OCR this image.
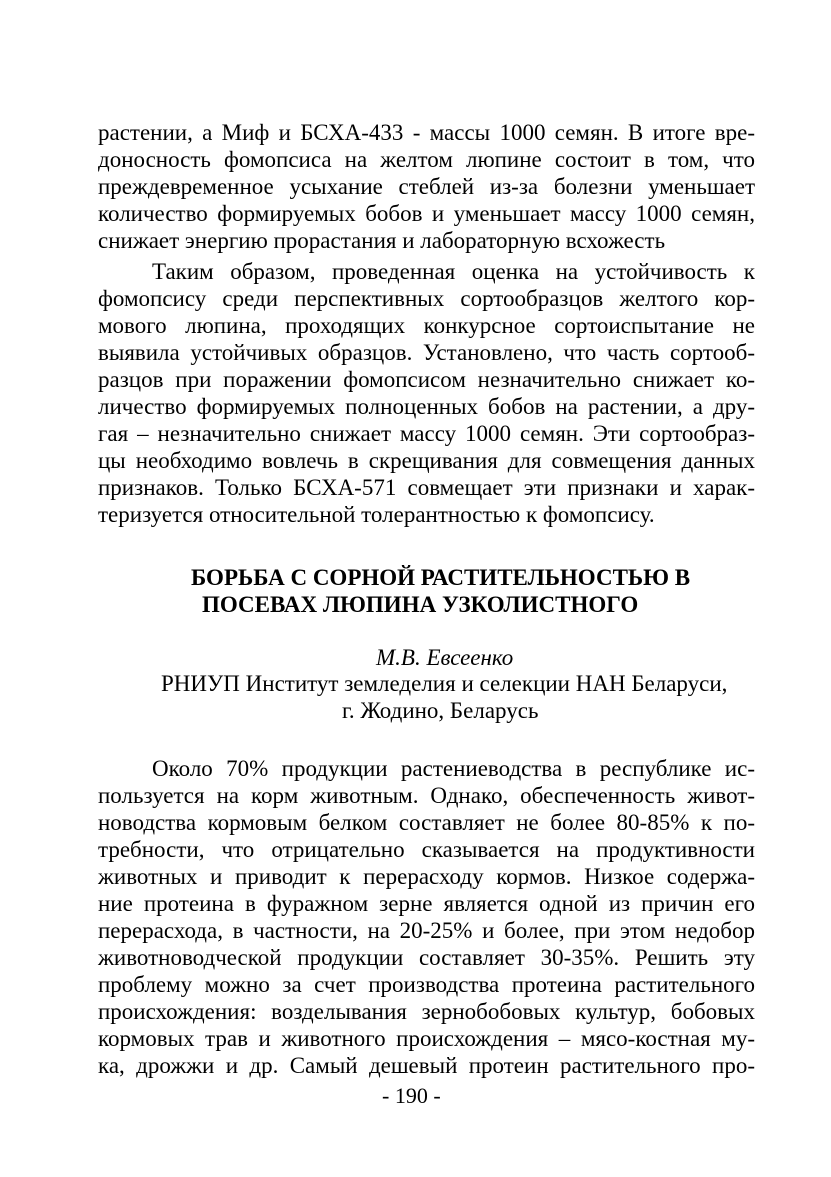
растении, а Миф и БСХА-433 - массы 1000 семян. В итоге вре-
доносность фомопсиса на желтом люпине состоит в том, что
преждевременное усыхание стеблей из-за болезни уменьшает
количество формируемых бобов и уменьшает массу 1000 семян,
снижает энергию прорастания и лабораторную всхожесть
Таким образом, проведенная оценка на устойчивость к
фомопсису среди перспективных сортообразцов желтого кор-
мового люпина, проходящих конкурсное сортоиспытание не
выявила устойчивых образцов. Установлено, что часть сортооб-
разцов при поражении фомопсисом незначительно снижает ко-
личество формируемых полноценных бобов на растении, а дру-
гая – незначительно снижает массу 1000 семян. Эти сортообраз-
цы необходимо вовлечь в скрещивания для совмещения данных
признаков. Только БСХА-571 совмещает эти признаки и харак-
теризуется относительной толерантностью к фомопсису.
БОРЬБА С СОРНОЙ РАСТИТЕЛЬНОСТЬЮ В
ПОСЕВАХ ЛЮПИНА УЗКОЛИСТНОГО
М.В. Евсеенко
РНИУП Институт земледелия и селекции НАН Беларуси,
г. Жодино, Беларусь
Около 70% продукции растениеводства в республике ис-
пользуется на корм животным. Однако, обеспеченность живот-
новодства кормовым белком составляет не более 80-85% к по-
требности, что отрицательно сказывается на продуктивности
животных и приводит к перерасходу кормов. Низкое содержа-
ние протеина в фуражном зерне является одной из причин его
перерасхода, в частности, на 20-25% и более, при этом недобор
животноводческой продукции составляет 30-35%. Решить эту
проблему можно за счет производства протеина растительного
происхождения: возделывания зернобобовых культур, бобовых
кормовых трав и животного происхождения – мясо-костная му-
ка, дрожжи и др. Самый дешевый протеин растительного про-
- 190 -
